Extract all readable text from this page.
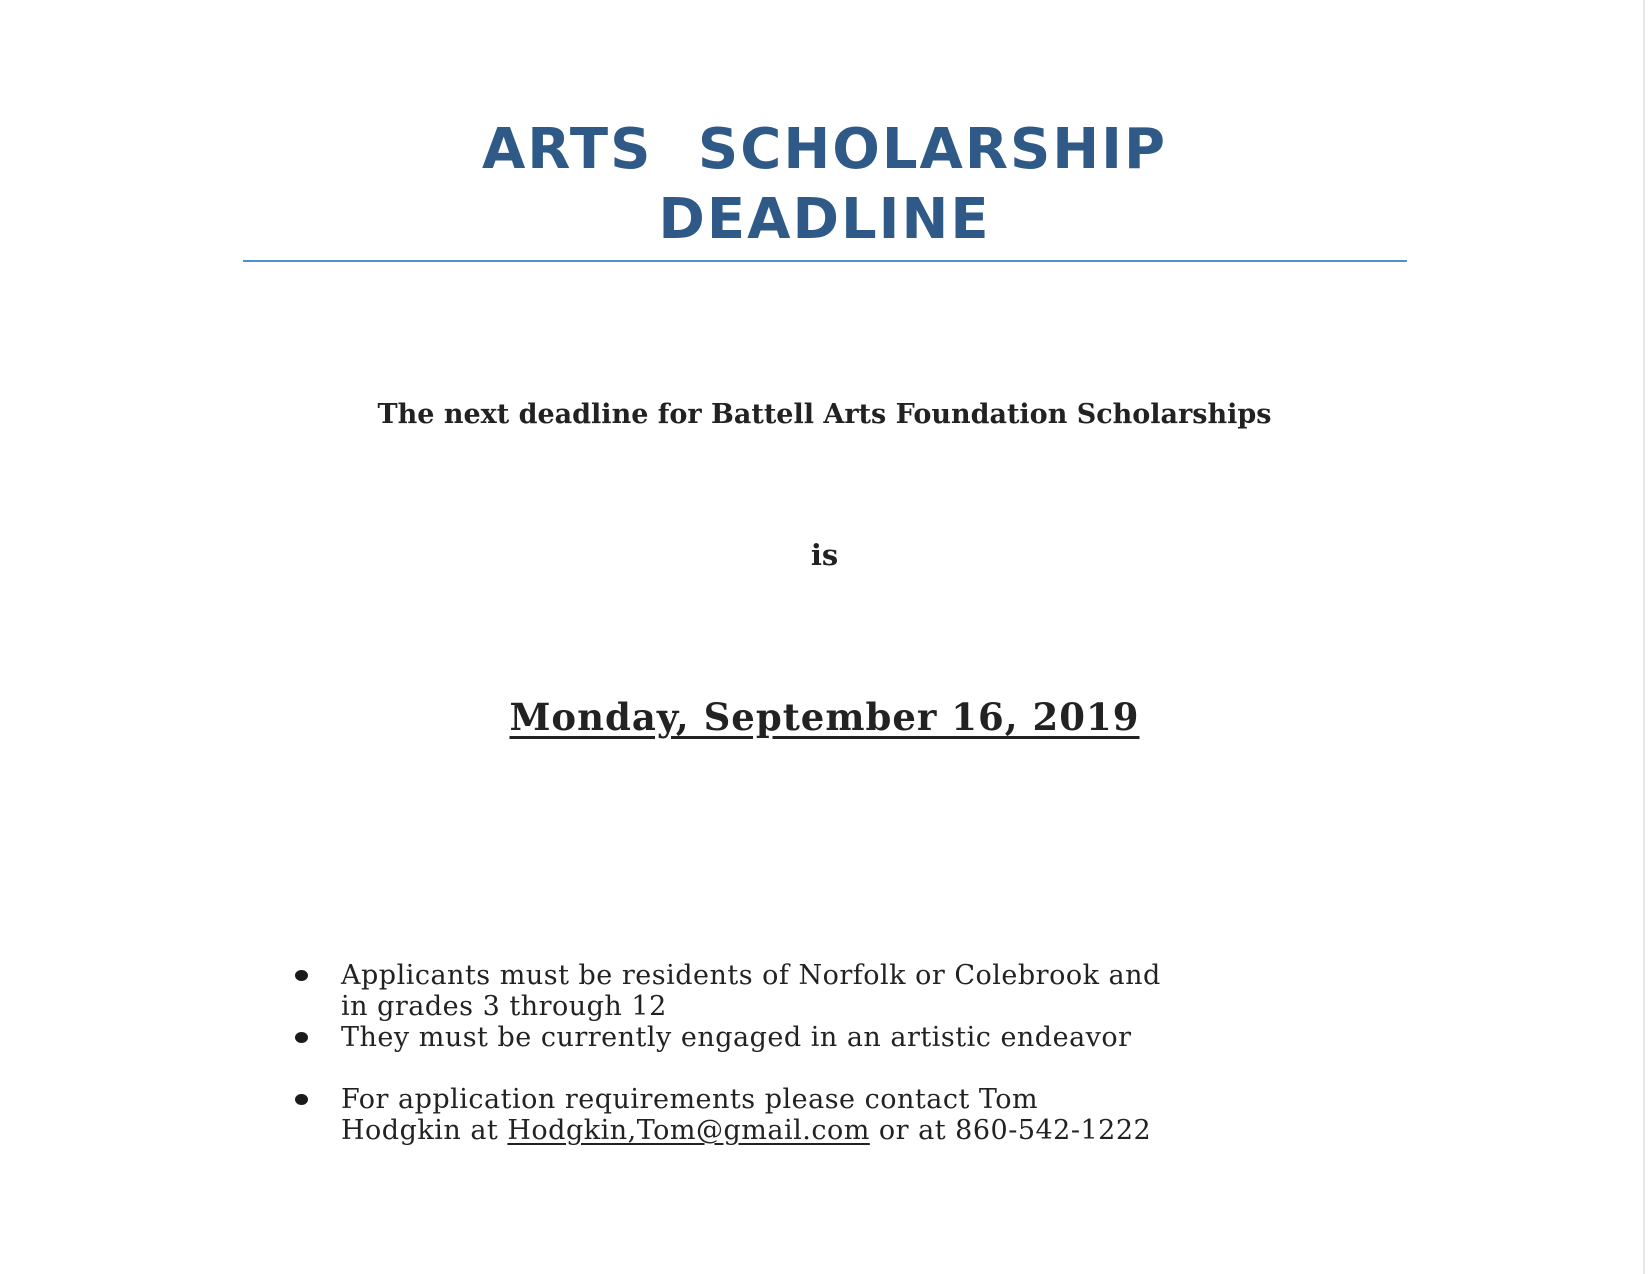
ARTS SCHOLARSHIP
DEADLINE
The next deadline for Battell Arts Foundation Scholarships
is
Monday, September 16, 2019
Applicants must be residents of Norfolk or Colebrook and
in grades 3 through 12
They must be currently engaged in an artistic endeavor
For application requirements please contact Tom
Hodgkin at Hodgkin,Tom@gmail.com or at 860-542-1222
